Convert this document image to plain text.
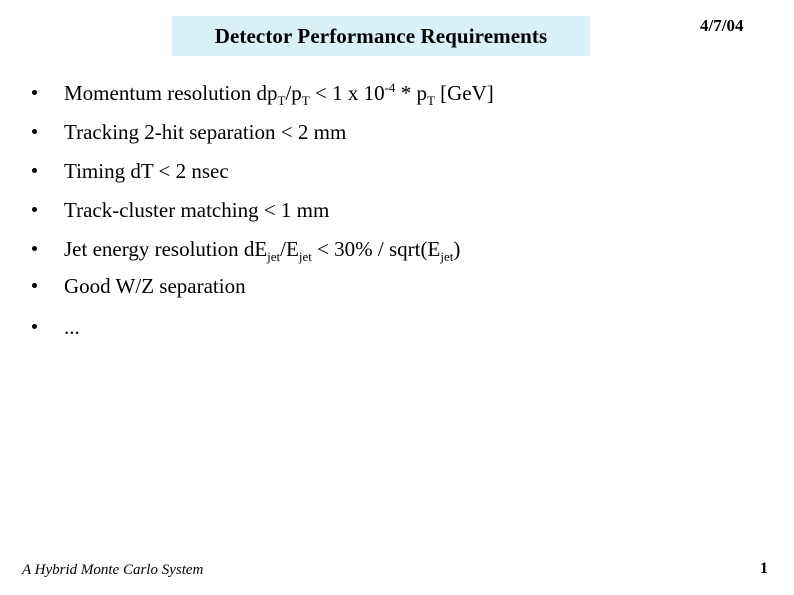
Detector Performance Requirements	4/7/04
Momentum resolution $dp_T/p_T < 1$ x $10^{-4} * p_T$ [GeV]
Tracking 2-hit separation < 2 mm
Timing dT < 2 nsec
Track-cluster matching < 1 mm
Jet energy resolution $dE_{jet}/E_{jet} < 30\%$ / $sqrt(E_{jet})$
Good W/Z separation
...
A Hybrid Monte Carlo System	1
